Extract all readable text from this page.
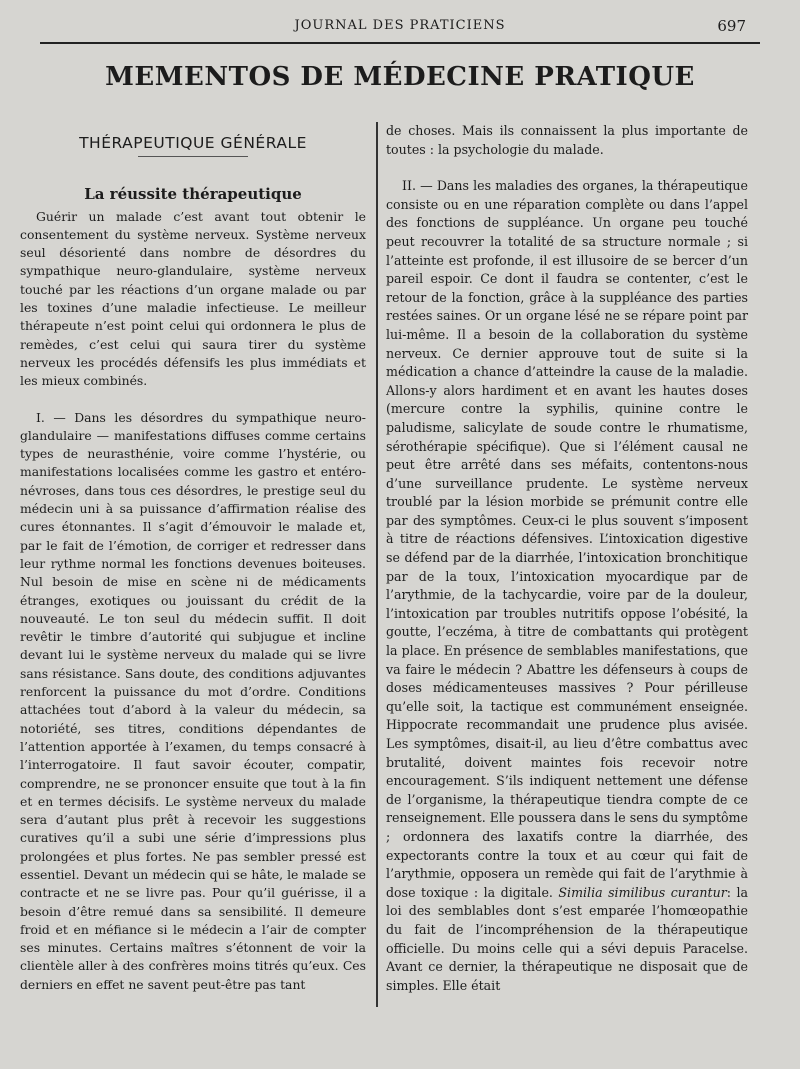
JOURNAL DES PRATICIENS	697
MEMENTOS DE MÉDECINE PRATIQUE
THÉRAPEUTIQUE GÉNÉRALE
La réussite thérapeutique

Guérir un malade c’est avant tout obtenir le consentement du système nerveux. Système nerveux seul désorienté dans nombre de désordres du sympathique neuro-glandulaire, système nerveux touché par les réactions d’un organe malade ou par les toxines d’une maladie infectieuse. Le meilleur thérapeute n’est point celui qui ordonnera le plus de remèdes, c’est celui qui saura tirer du système nerveux les procédés défensifs les plus immédiats et les mieux combinés.

I. — Dans les désordres du sympathique neuro-glandulaire — manifestations diffuses comme certains types de neurasthénie, voire comme l’hystérie, ou manifestations localisées comme les gastro et entéro-névroses, dans tous ces désordres, le prestige seul du médecin uni à sa puissance d’affirmation réalise des cures étonnantes. Il s’agit d’émouvoir le malade et, par le fait de l’émotion, de corriger et redresser dans leur rythme normal les fonctions devenues boiteuses. Nul besoin de mise en scène ni de médicaments étranges, exotiques ou jouissant du crédit de la nouveauté. Le ton seul du médecin suffit. Il doit revêtir le timbre d’autorité qui subjugue et incline devant lui le système nerveux du malade qui se livre sans résistance. Sans doute, des conditions adjuvantes renforcent la puissance du mot d’ordre. Conditions attachées tout d’abord à la valeur du médecin, sa notoriété, ses titres, conditions dépendantes de l’attention apportée à l’examen, du temps consacré à l’interrogatoire. Il faut savoir écouter, compatir, comprendre, ne se prononcer ensuite que tout à la fin et en termes décisifs. Le système nerveux du malade sera d’autant plus prêt à recevoir les suggestions curatives qu’il a subi une série d’impressions plus prolongées et plus fortes. Ne pas sembler pressé est essentiel. Devant un médecin qui se hâte, le malade se contracte et ne se livre pas. Pour qu’il guérisse, il a besoin d’être remué dans sa sensibilité. Il demeure froid et en méfiance si le médecin a l’air de compter ses minutes. Certains maîtres s’étonnent de voir la clientèle aller à des confrères moins titrés qu’eux. Ces derniers en effet ne savent peut-être pas tant

de choses. Mais ils connaissent la plus importante de toutes : la psychologie du malade.

II. — Dans les maladies des organes, la thérapeutique consiste ou en une réparation complète ou dans l’appel des fonctions de suppléance. Un organe peu touché peut recouvrer la totalité de sa structure normale ; si l’atteinte est profonde, il est illusoire de se bercer d’un pareil espoir. Ce dont il faudra se contenter, c’est le retour de la fonction, grâce à la suppléance des parties restées saines. Or un organe lésé ne se répare point par lui-même. Il a besoin de la collaboration du système nerveux. Ce dernier approuve tout de suite si la médication a chance d’atteindre la cause de la maladie. Allons-y alors hardiment et en avant les hautes doses (mercure contre la syphilis, quinine contre le paludisme, salicylate de soude contre le rhumatisme, sérothérapie spécifique). Que si l’élément causal ne peut être arrêté dans ses méfaits, contentons-nous d’une surveillance prudente. Le système nerveux troublé par la lésion morbide se prémunit contre elle par des symptômes. Ceux-ci le plus souvent s’imposent à titre de réactions défensives. L’intoxication digestive se défend par de la diarrhée, l’intoxication bronchitique par de la toux, l’intoxication myocardique par de l’arythmie, de la tachycardie, voire par de la douleur, l’intoxication par troubles nutritifs oppose l’obésité, la goutte, l’eczéma, à titre de combattants qui protègent la place. En présence de semblables manifestations, que va faire le médecin ? Abattre les défenseurs à coups de doses médicamenteuses massives ? Pour périlleuse qu’elle soit, la tactique est communément enseignée. Hippocrate recommandait une prudence plus avisée. Les symptômes, disait-il, au lieu d’être combattus avec brutalité, doivent maintes fois recevoir notre encouragement. S’ils indiquent nettement une défense de l’organisme, la thérapeutique tiendra compte de ce renseignement. Elle poussera dans le sens du symptôme ; ordonnera des laxatifs contre la diarrhée, des expectorants contre la toux et au cœur qui fait de l’arythmie, opposera un remède qui fait de l’arythmie à dose toxique : la digitale. Similia similibus curantur: la loi des semblables dont s’est emparée l’homœopathie du fait de l’incompréhension de la thérapeutique officielle. Du moins celle qui a sévi depuis Paracelse. Avant ce dernier, la thérapeutique ne disposait que de simples. Elle était
